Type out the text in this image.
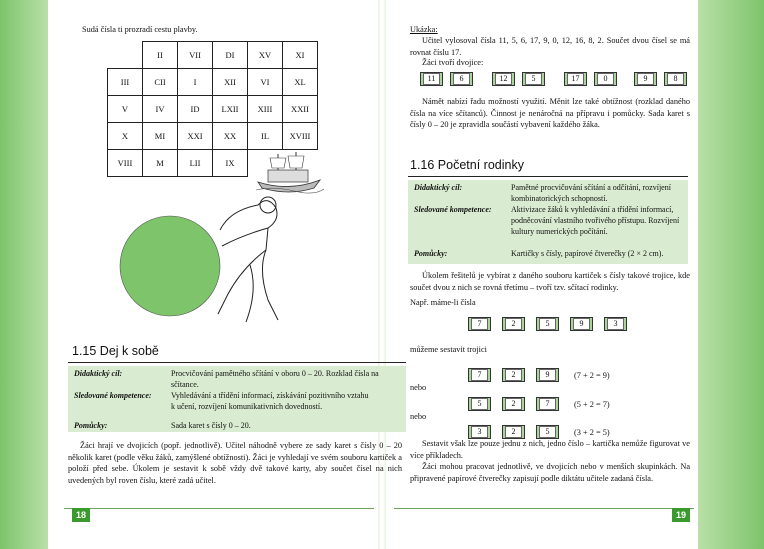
Sudá čísla ti prozradí cestu plavby.
	II	VII	DI	XV	XI
III	CII	I	XII	VI	XL
V	IV	ID	LXII	XIII	XXII
X	MI	XXI	XX	IL	XVIII
VIII	M	LII	IX		
1.15 Dej k sobě
Didaktický cíl:	Procvičování pamětného sčítání v oboru 0 – 20. Rozklad čísla na sčítance.
Sledované kompetence: Vyhledávání a třídění informací, získávání pozitivního vztahu k učení, rozvíjení komunikativních dovedností.
Pomůcky:	Sada karet s čísly 0 – 20.
Žáci hrají ve dvojicích (popř. jednotlivě). Učitel náhodně vybere ze sady karet s čísly 0 – 20 několik karet (podle věku žáků, zamýšlené obtížnosti). Žáci je vyhledají ve svém souboru kartiček a položí před sebe. Úkolem je sestavit k sobě vždy dvě takové karty, aby součet čísel na nich uvedených byl roven číslu, které zadá učitel.
18
Ukázka:
Učitel vylosoval čísla 11, 5, 6, 17, 9, 0, 12, 16, 8, 2. Součet dvou čísel se má rovnat číslu 17.
Žáci tvoří dvojice:
11	6	12	5	17	0	9	8
Námět nabízí řadu možností využití. Měnit lze také obtížnost (rozklad daného čísla na více sčítanců). Činnost je nenáročná na přípravu i pomůcky. Sada karet s čísly 0 – 20 je zpravidla součástí vybavení každého žáka.
1.16 Početní rodinky
Didaktický cíl:	Pamětné procvičování sčítání a odčítání, rozvíjení kombinatorických schopností.
Sledované kompetence: Aktivizace žáků k vyhledávání a třídění informací, podněcování vlastního tvořivého přístupu. Rozvíjení kultury numerických počítání.
Pomůcky:	Kartičky s čísly, papírové čtverečky (2 × 2 cm).
Úkolem řešitelů je vybírat z daného souboru kartiček s čísly takové trojice, kde součet dvou z nich se rovná třetímu – tvoří tzv. sčítací rodinky.
Např. máme-li čísla
7	2	5	9	3
můžeme sestavit trojici
7	2	9	(7 + 2 = 9)
nebo
5	2	7	(5 + 2 = 7)
nebo
3	2	5	(3 + 2 = 5)
Sestavit však lze pouze jednu z nich, jedno číslo – kartička nemůže figurovat ve více příkladech.
Žáci mohou pracovat jednotlivě, ve dvojicích nebo v menších skupinkách. Na připravené papírové čtverečky zapisují podle diktátu učitele zadaná čísla.
19
